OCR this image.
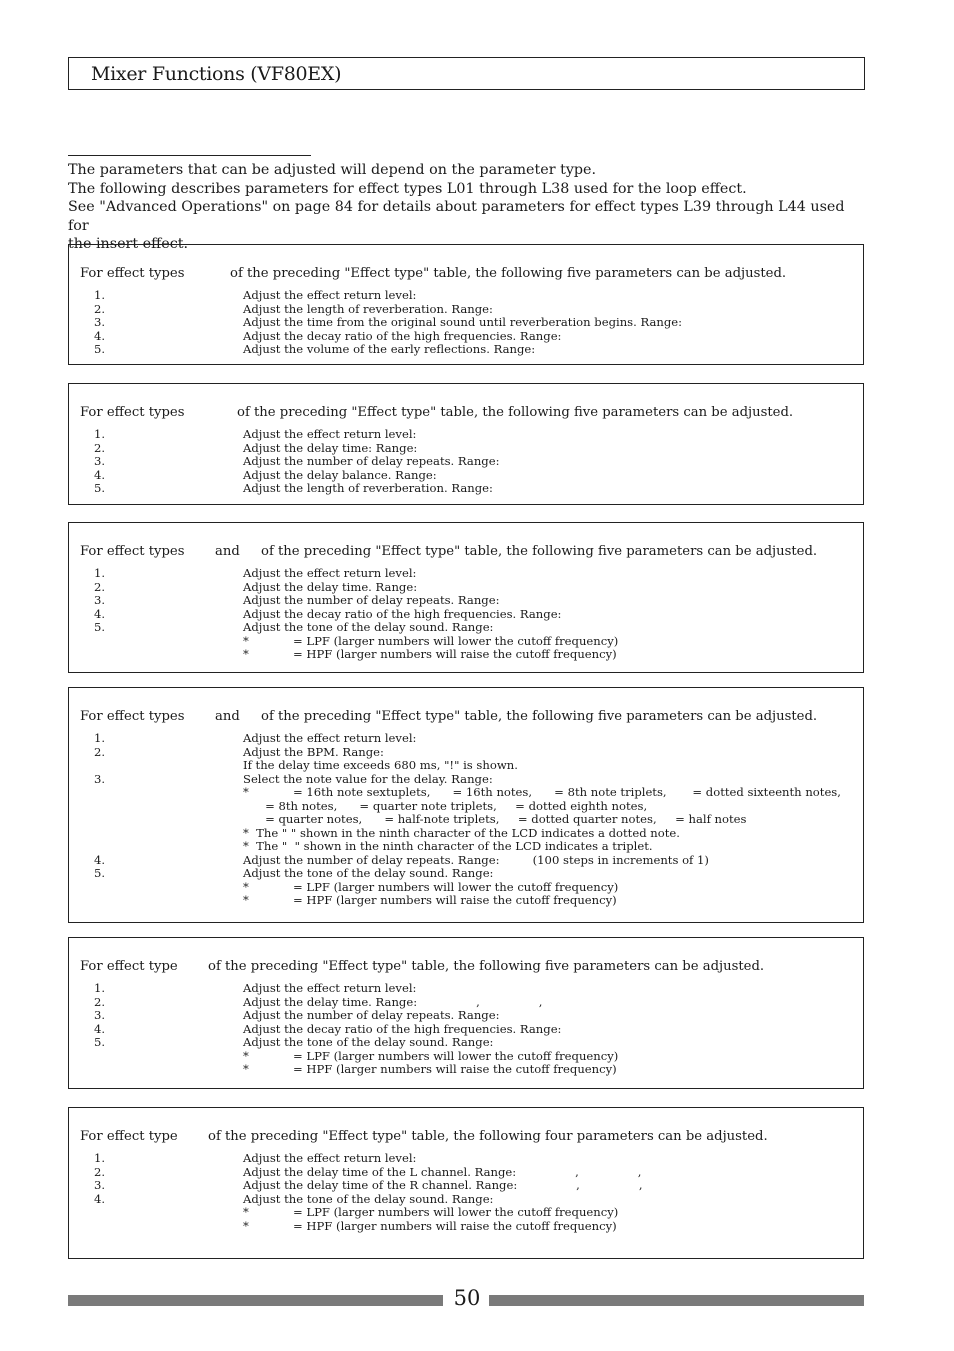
Mixer Functions (VF80EX)

The parameters that can be adjusted will depend on the parameter type.

The following describes parameters for effect types L01 through L38 used for the loop effect.

See "Advanced Operations" on page 84 for details about parameters for effect types L39 through L44 used for

the insert effect.

For effect types	of the preceding "Effect type" table, the following five parameters can be adjusted.
1.	Adjust the effect return level:
2.	Adjust the length of reverberation. Range:
3.	Adjust the time from the original sound until reverberation begins. Range:
4.	Adjust the decay ratio of the high frequencies. Range:
5.	Adjust the volume of the early reflections. Range:
For effect types	of the preceding "Effect type" table, the following five parameters can be adjusted.
1.	Adjust the effect return level:
2.	Adjust the delay time: Range:
3.	Adjust the number of delay repeats. Range:
4.	Adjust the delay balance. Range:
5.	Adjust the length of reverberation. Range:
For effect types and of the preceding "Effect type" table, the following five parameters can be adjusted.
1.	Adjust the effect return level:
2.	Adjust the delay time. Range:
3.	Adjust the number of delay repeats. Range:
4.	Adjust the decay ratio of the high frequencies. Range:
5.	Adjust the tone of the delay sound. Range:
*	= LPF (larger numbers will lower the cutoff frequency)
*	= HPF (larger numbers will raise the cutoff frequency)
For effect types and of the preceding "Effect type" table, the following five parameters can be adjusted.
1.	Adjust the effect return level:
2.	Adjust the BPM. Range:
If the delay time exceeds 680 ms, "!" is shown.
3.	Select the note value for the delay. Range:
*	= 16th note sextuplets,      = 16th notes,      = 8th note triplets,       = dotted sixteenth notes,
= 8th notes,      = quarter note triplets,     = dotted eighth notes,
= quarter notes,      = half-note triplets,     = dotted quarter notes,     = half notes
*  The " " shown in the ninth character of the LCD indicates a dotted note.
*  The "  " shown in the ninth character of the LCD indicates a triplet.
4.	Adjust the number of delay repeats. Range:         (100 steps in increments of 1)
5.	Adjust the tone of the delay sound. Range:
*	= LPF (larger numbers will lower the cutoff frequency)
*	= HPF (larger numbers will raise the cutoff frequency)
For effect type of the preceding "Effect type" table, the following five parameters can be adjusted.
1.	Adjust the effect return level:
2.	Adjust the delay time. Range:                ,                ,
3.	Adjust the number of delay repeats. Range:
4.	Adjust the decay ratio of the high frequencies. Range:
5.	Adjust the tone of the delay sound. Range:
*	= LPF (larger numbers will lower the cutoff frequency)
*	= HPF (larger numbers will raise the cutoff frequency)
For effect type of the preceding "Effect type" table, the following four parameters can be adjusted.
1.	Adjust the effect return level:
2.	Adjust the delay time of the L channel. Range:                ,                ,
3.	Adjust the delay time of the R channel. Range:                ,                ,
4.	Adjust the tone of the delay sound. Range:
*	= LPF (larger numbers will lower the cutoff frequency)
*	= HPF (larger numbers will raise the cutoff frequency)
50
